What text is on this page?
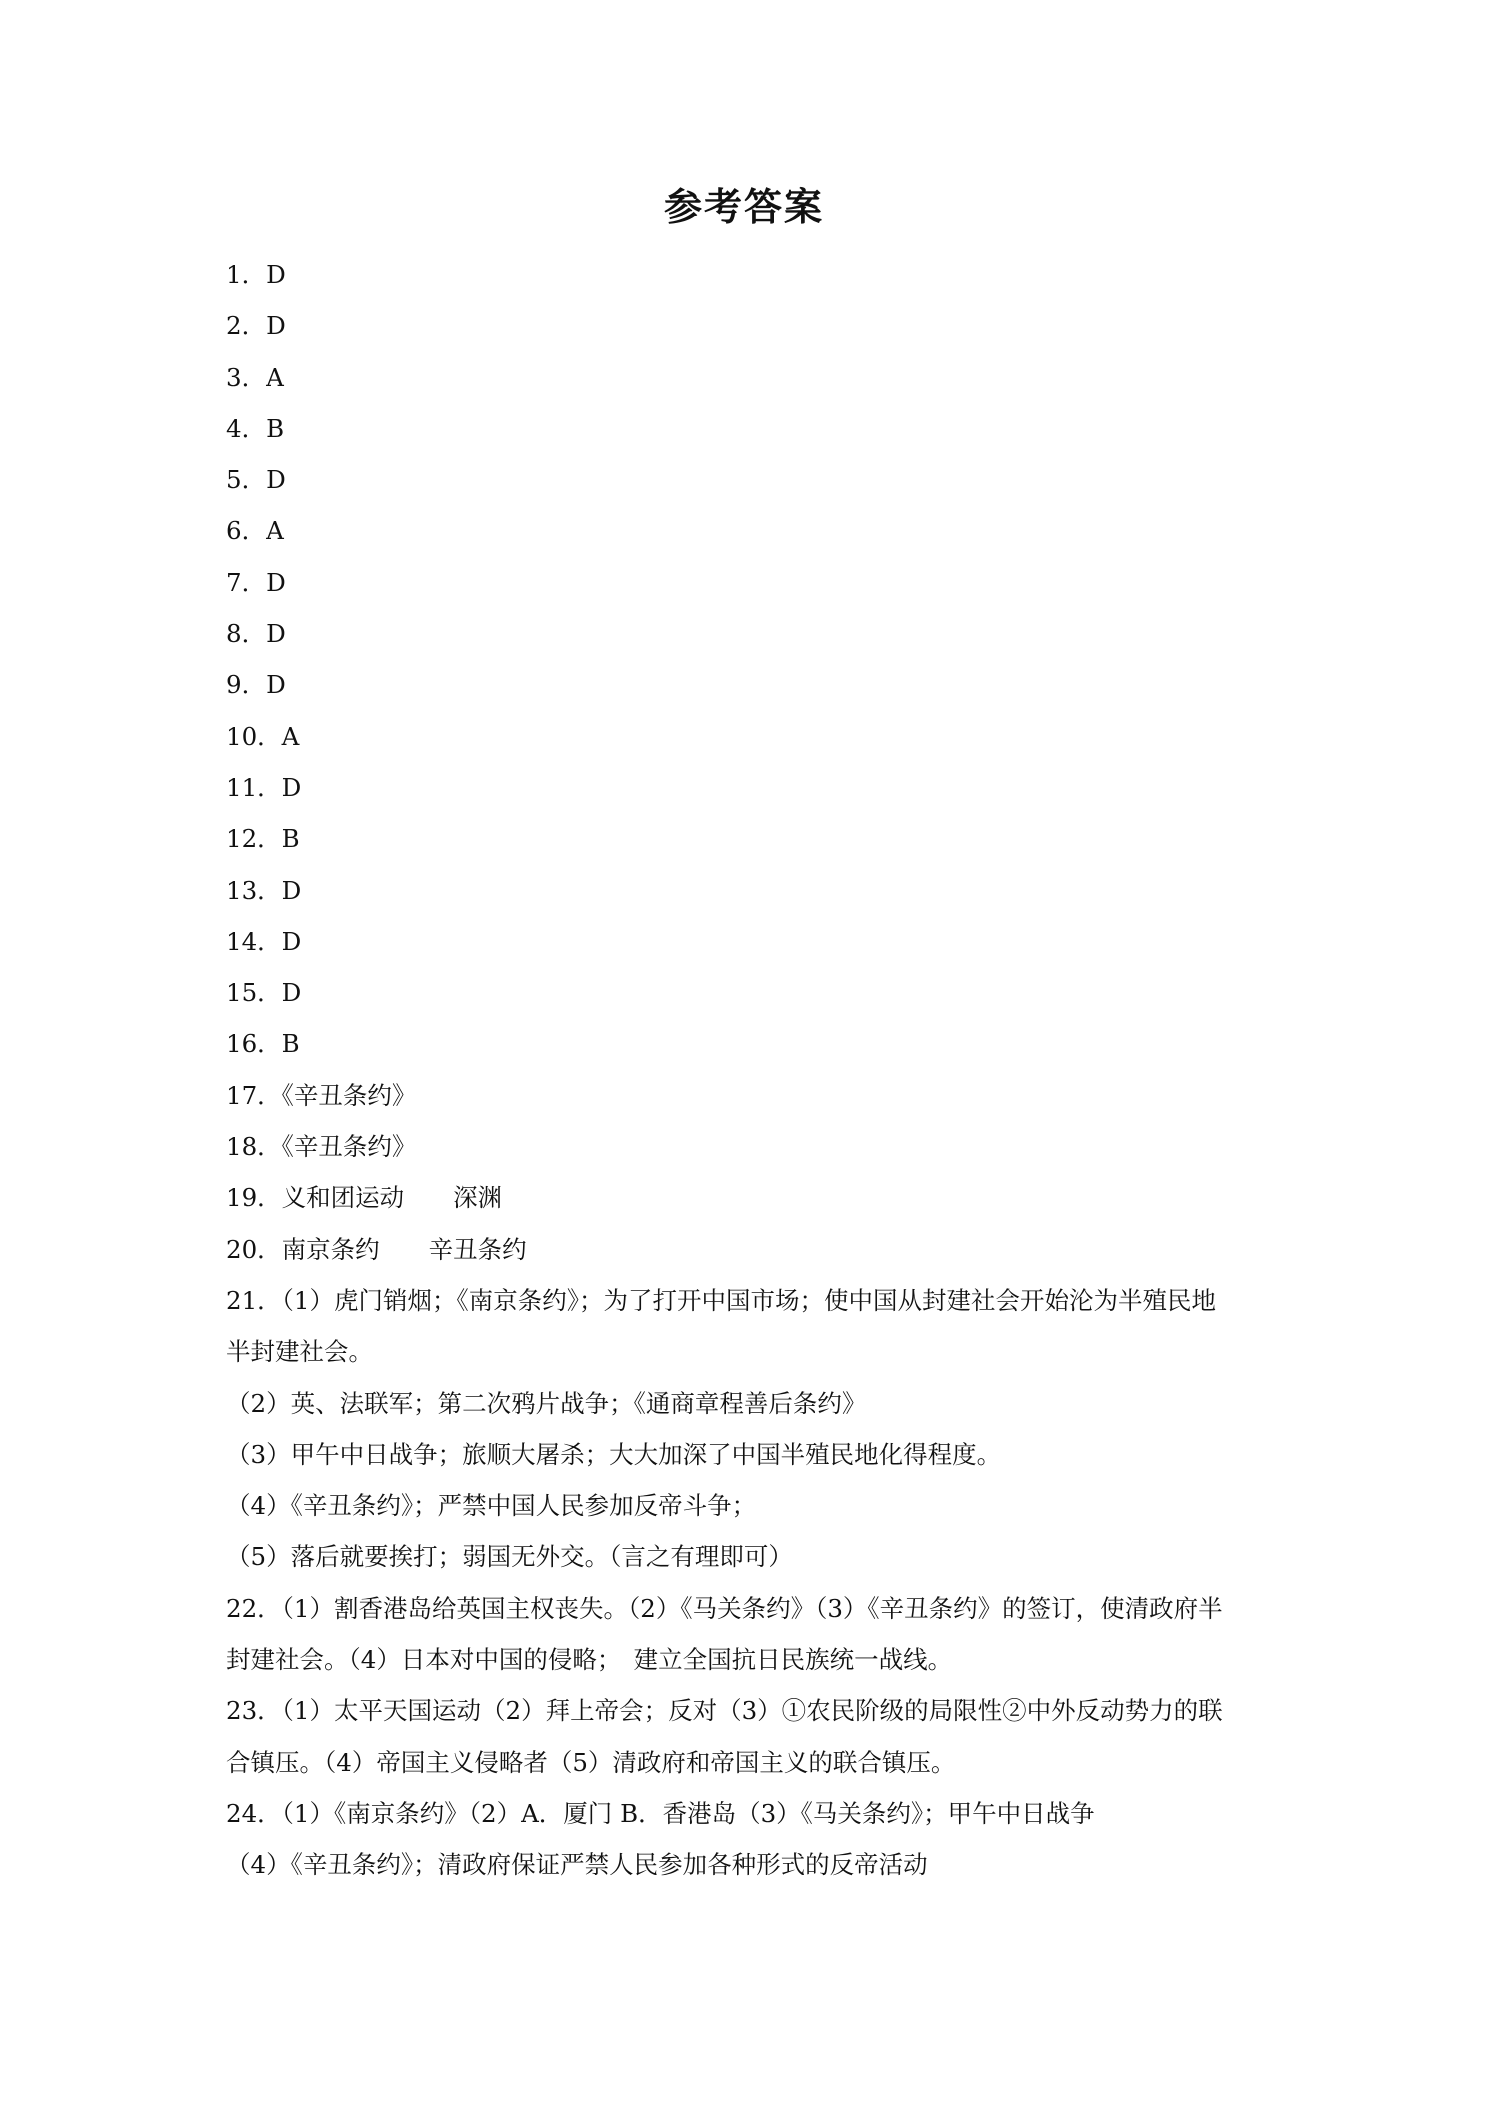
参考答案
1．D
2．D
3．A
4．B
5．D
6．A
7．D
8．D
9．D
10．A
11．D
12．B
13．D
14．D
15．D
16．B
17．《辛丑条约》
18．《辛丑条约》
19．义和团运动　　深渊
20．南京条约　　辛丑条约
21．（1）虎门销烟；《南京条约》；为了打开中国市场；使中国从封建社会开始沦为半殖民地
半封建社会。
（2）英、法联军；第二次鸦片战争；《通商章程善后条约》
（3）甲午中日战争；旅顺大屠杀；大大加深了中国半殖民地化得程度。
（4）《辛丑条约》；严禁中国人民参加反帝斗争；
（5）落后就要挨打；弱国无外交。（言之有理即可）
22．（1）割香港岛给英国主权丧失。（2）《马关条约》（3）《辛丑条约》的签订，使清政府半
封建社会。（4）日本对中国的侵略；　建立全国抗日民族统一战线。
23．（1）太平天国运动（2）拜上帝会；反对（3）①农民阶级的局限性②中外反动势力的联
合镇压。（4）帝国主义侵略者（5）清政府和帝国主义的联合镇压。
24．（1）《南京条约》（2）A．厦门 B．香港岛（3）《马关条约》；甲午中日战争
（4）《辛丑条约》；清政府保证严禁人民参加各种形式的反帝活动
